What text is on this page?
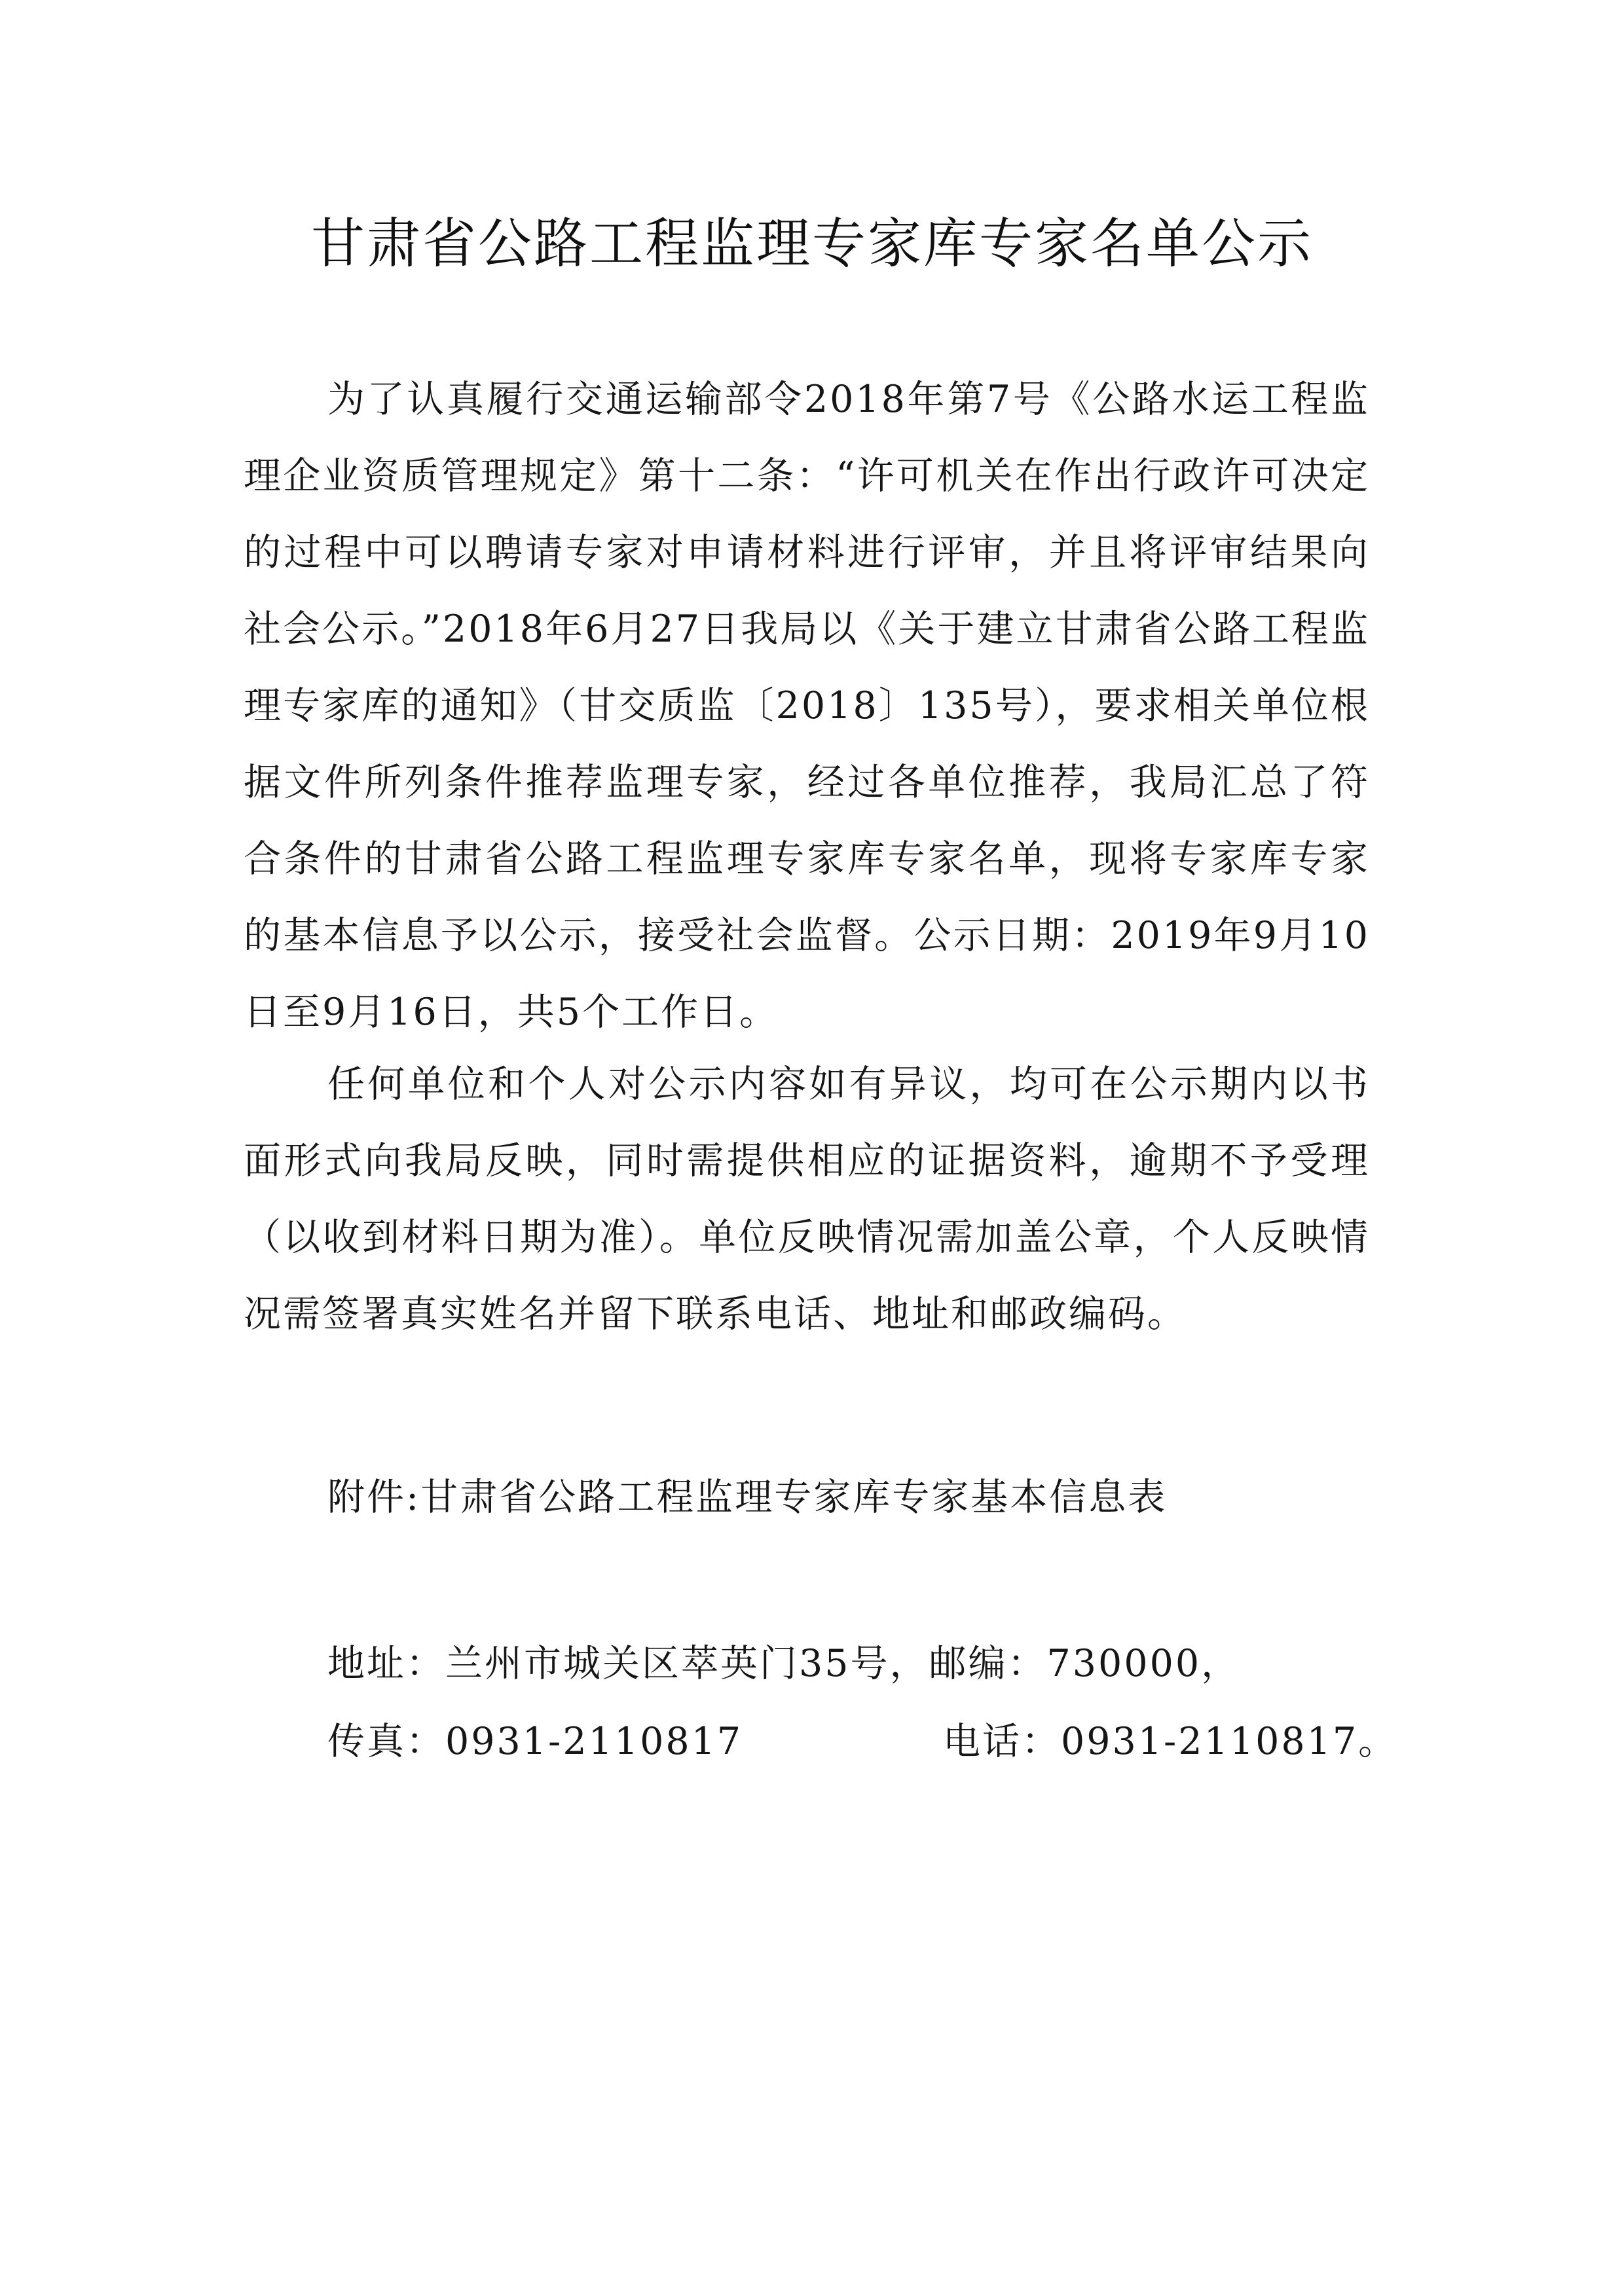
甘肃省公路工程监理专家库专家名单公示

为了认真履行交通运输部令2018年第7号《公路水运工程监理企业资质管理规定》第十二条：“许可机关在作出行政许可决定的过程中可以聘请专家对申请材料进行评审，并且将评审结果向社会公示。”2018年6月27日我局以《关于建立甘肃省公路工程监理专家库的通知》（甘交质监〔2018〕135号），要求相关单位根据文件所列条件推荐监理专家，经过各单位推荐，我局汇总了符合条件的甘肃省公路工程监理专家库专家名单，现将专家库专家的基本信息予以公示，接受社会监督。公示日期：2019年9月10日至9月16日，共5个工作日。

任何单位和个人对公示内容如有异议，均可在公示期内以书面形式向我局反映，同时需提供相应的证据资料，逾期不予受理（以收到材料日期为准）。单位反映情况需加盖公章，个人反映情况需签署真实姓名并留下联系电话、地址和邮政编码。

附件:甘肃省公路工程监理专家库专家基本信息表

地址：兰州市城关区萃英门35号，邮编：730000，

传真：0931-2110817	电话：0931-2110817。
